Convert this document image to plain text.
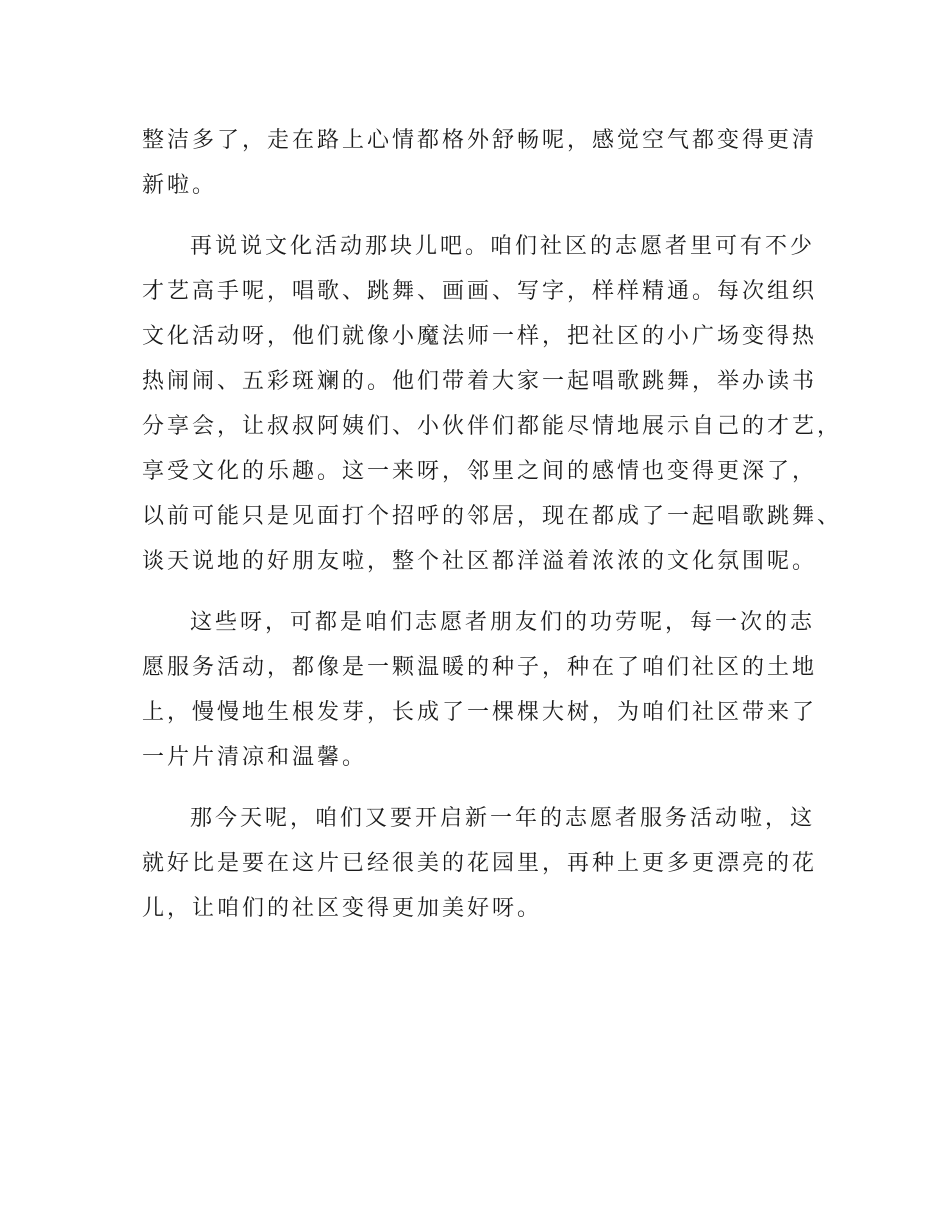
整洁多了，走在路上心情都格外舒畅呢，感觉空气都变得更清
新啦。

再说说文化活动那块儿吧。咱们社区的志愿者里可有不少
才艺高手呢，唱歌、跳舞、画画、写字，样样精通。每次组织
文化活动呀，他们就像小魔法师一样，把社区的小广场变得热
热闹闹、五彩斑斓的。他们带着大家一起唱歌跳舞，举办读书
分享会，让叔叔阿姨们、小伙伴们都能尽情地展示自己的才艺，
享受文化的乐趣。这一来呀，邻里之间的感情也变得更深了，
以前可能只是见面打个招呼的邻居，现在都成了一起唱歌跳舞、
谈天说地的好朋友啦，整个社区都洋溢着浓浓的文化氛围呢。

这些呀，可都是咱们志愿者朋友们的功劳呢，每一次的志
愿服务活动，都像是一颗温暖的种子，种在了咱们社区的土地
上，慢慢地生根发芽，长成了一棵棵大树，为咱们社区带来了
一片片清凉和温馨。

那今天呢，咱们又要开启新一年的志愿者服务活动啦，这
就好比是要在这片已经很美的花园里，再种上更多更漂亮的花
儿，让咱们的社区变得更加美好呀。
